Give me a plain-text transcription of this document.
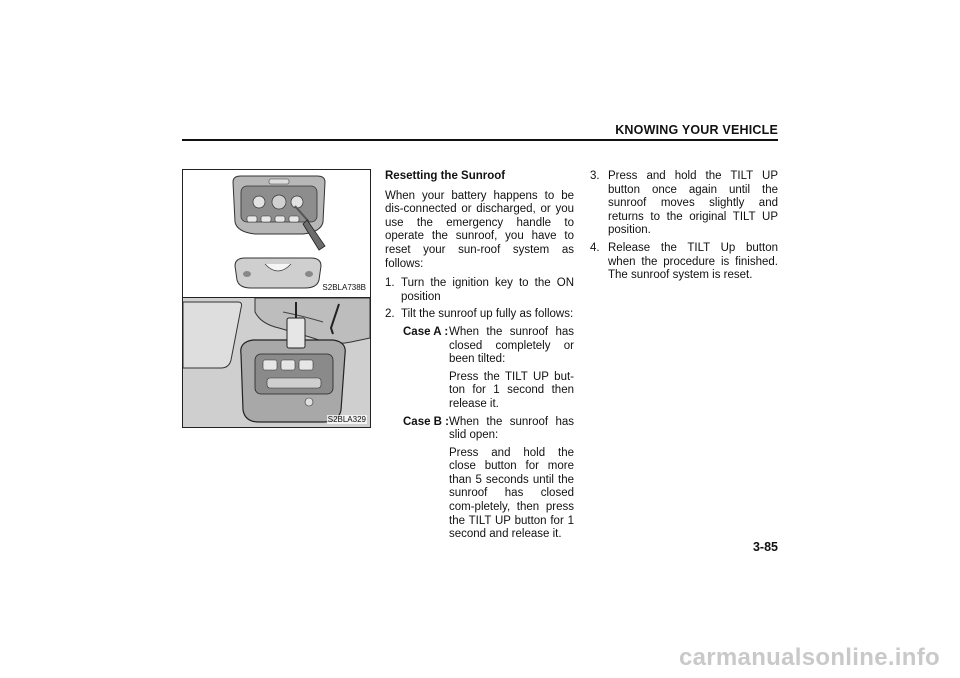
KNOWING YOUR VEHICLE
S2BLA738B
S2BLA329
Resetting the Sunroof
When your battery happens to be dis-connected or discharged, or you use the emergency handle to operate the sunroof, you have to reset your sun-roof system as follows:
1. Turn the ignition key to the ON position
2. Tilt the sunroof up fully as follows:
Case A : When the sunroof has closed completely or been tilted:
Press the TILT UP but-ton for 1 second then release it.
Case B : When the sunroof has slid open:
Press and hold the close button for more than 5 seconds until the sunroof has closed com-pletely, then press the TILT UP button for 1 second and release it.
3. Press and hold the TILT UP button once again until the sunroof moves slightly and returns to the original TILT UP position.
4. Release the TILT Up button when the procedure is finished. The sunroof system is reset.
3-85
carmanualsonline.info
